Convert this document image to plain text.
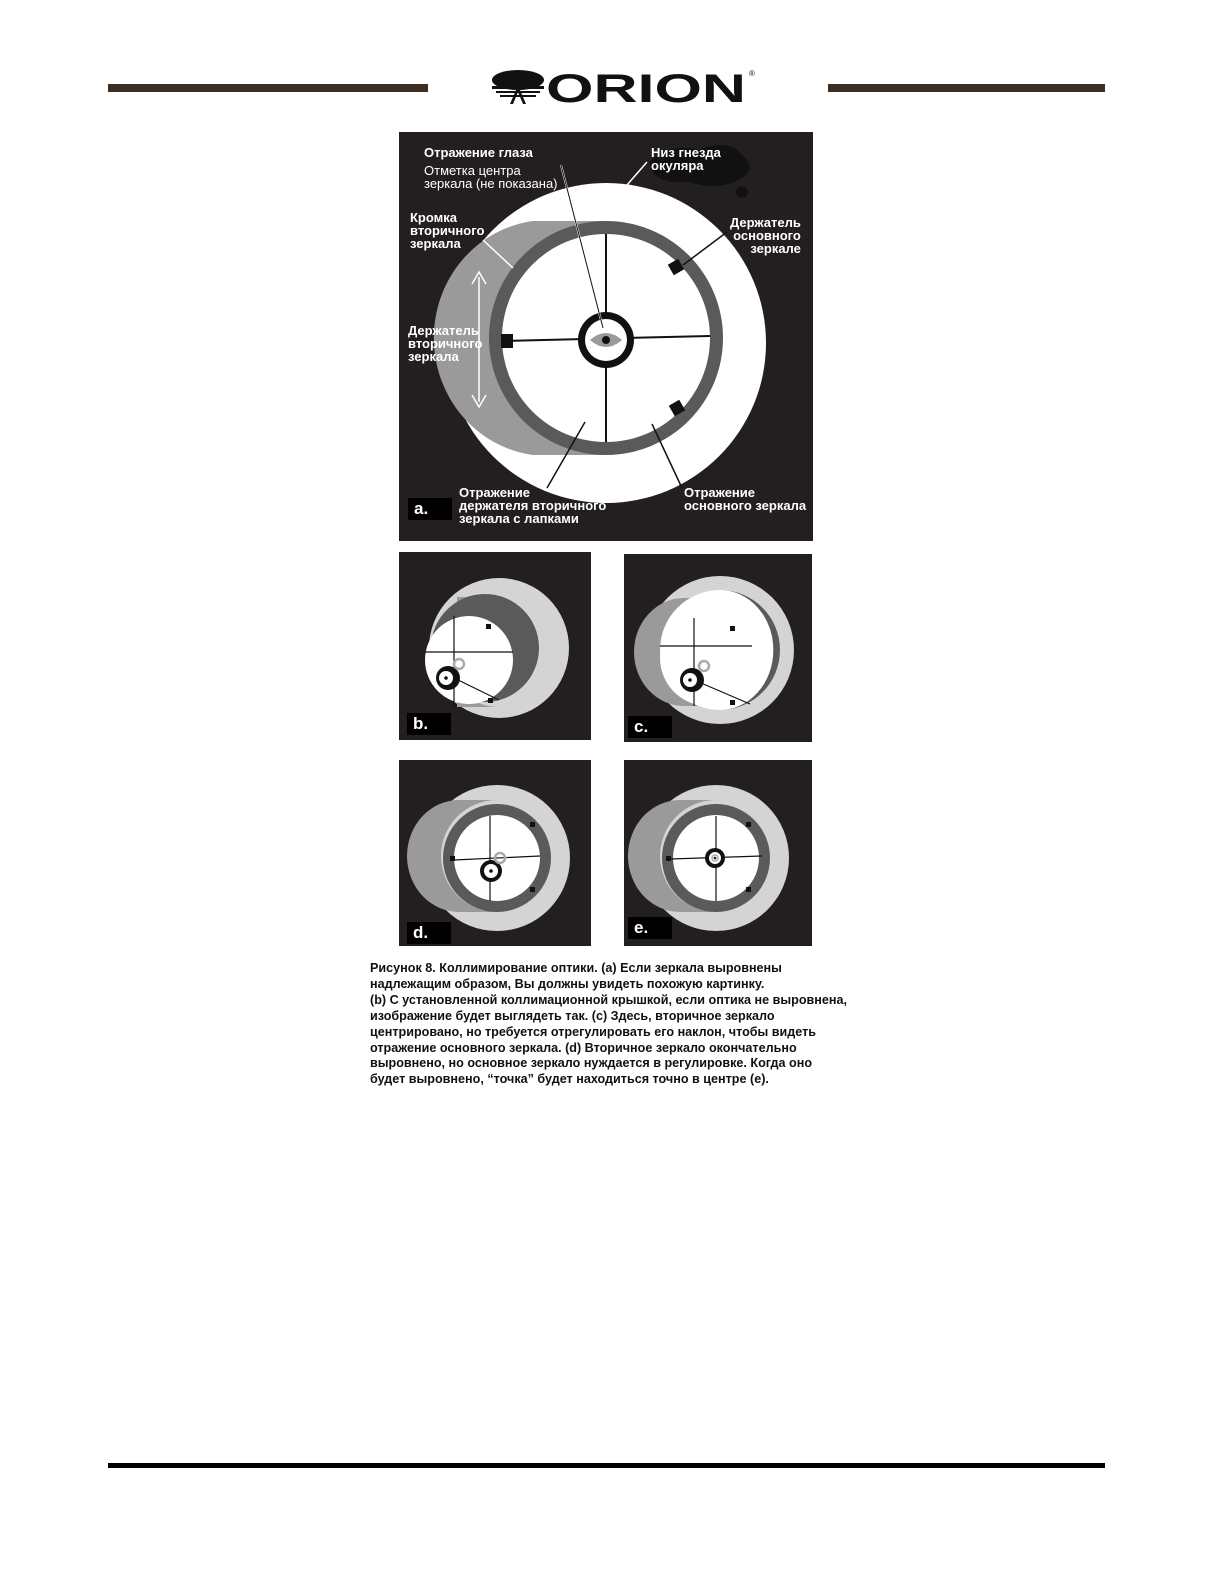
ORION ®
Отражение глаза
Отметка центра
зеркала (не показана)
Низ гнезда
окуляра
Кромка
вторичного
зеркала
Держатель
основного
зеркале
Держатель
вторичного
зеркала
Отражение
держателя вторичного
зеркала с лапками
Отражение
основного зеркала
a.
b.	c.
d.	e.
Рисунок 8. Коллимирование оптики. (a) Если зеркала выровнены надлежащим образом, Вы должны увидеть похожую картинку.
(b) С установленной коллимационной крышкой, если оптика не выровнена, изображение будет выглядеть так. (c) Здесь, вторичное зеркало центрировано, но требуется отрегулировать его наклон, чтобы видеть отражение основного зеркала. (d) Вторичное зеркало окончательно выровнено, но основное зеркало нуждается в регулировке. Когда оно будет выровнено, “точка” будет находиться точно в центре (e).
